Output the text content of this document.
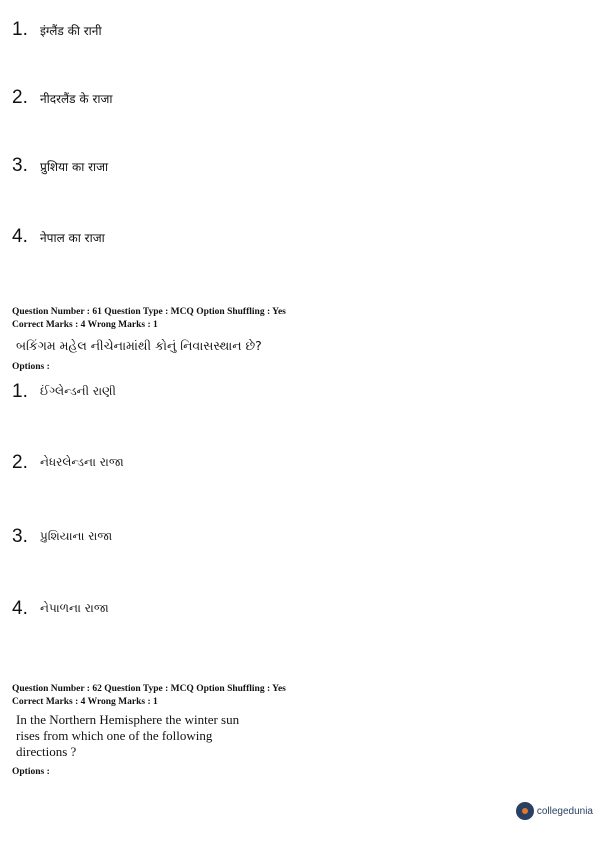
1.	इंग्लैंड की रानी
2.	नीदरलैंड के राजा
3.	प्रुशिया का राजा
4.	नेपाल का राजा
Question Number : 61 Question Type : MCQ Option Shuffling : Yes
Correct Marks : 4 Wrong Marks : 1
બકિંગમ મહેલ નીચેનામાંથી કોનું નિવાસસ્થાન છે?
Options :
1.	ઈંગ્લેન્ડની રાણી
2.	નેધરલેન્ડના રાજા
3.	પ્રુશિયાના રાજા
4.	નેપાળના રાજા
Question Number : 62 Question Type : MCQ Option Shuffling : Yes
Correct Marks : 4 Wrong Marks : 1
In the Northern Hemisphere the winter sun rises from which one of the following directions ?
Options :
collegedunia
